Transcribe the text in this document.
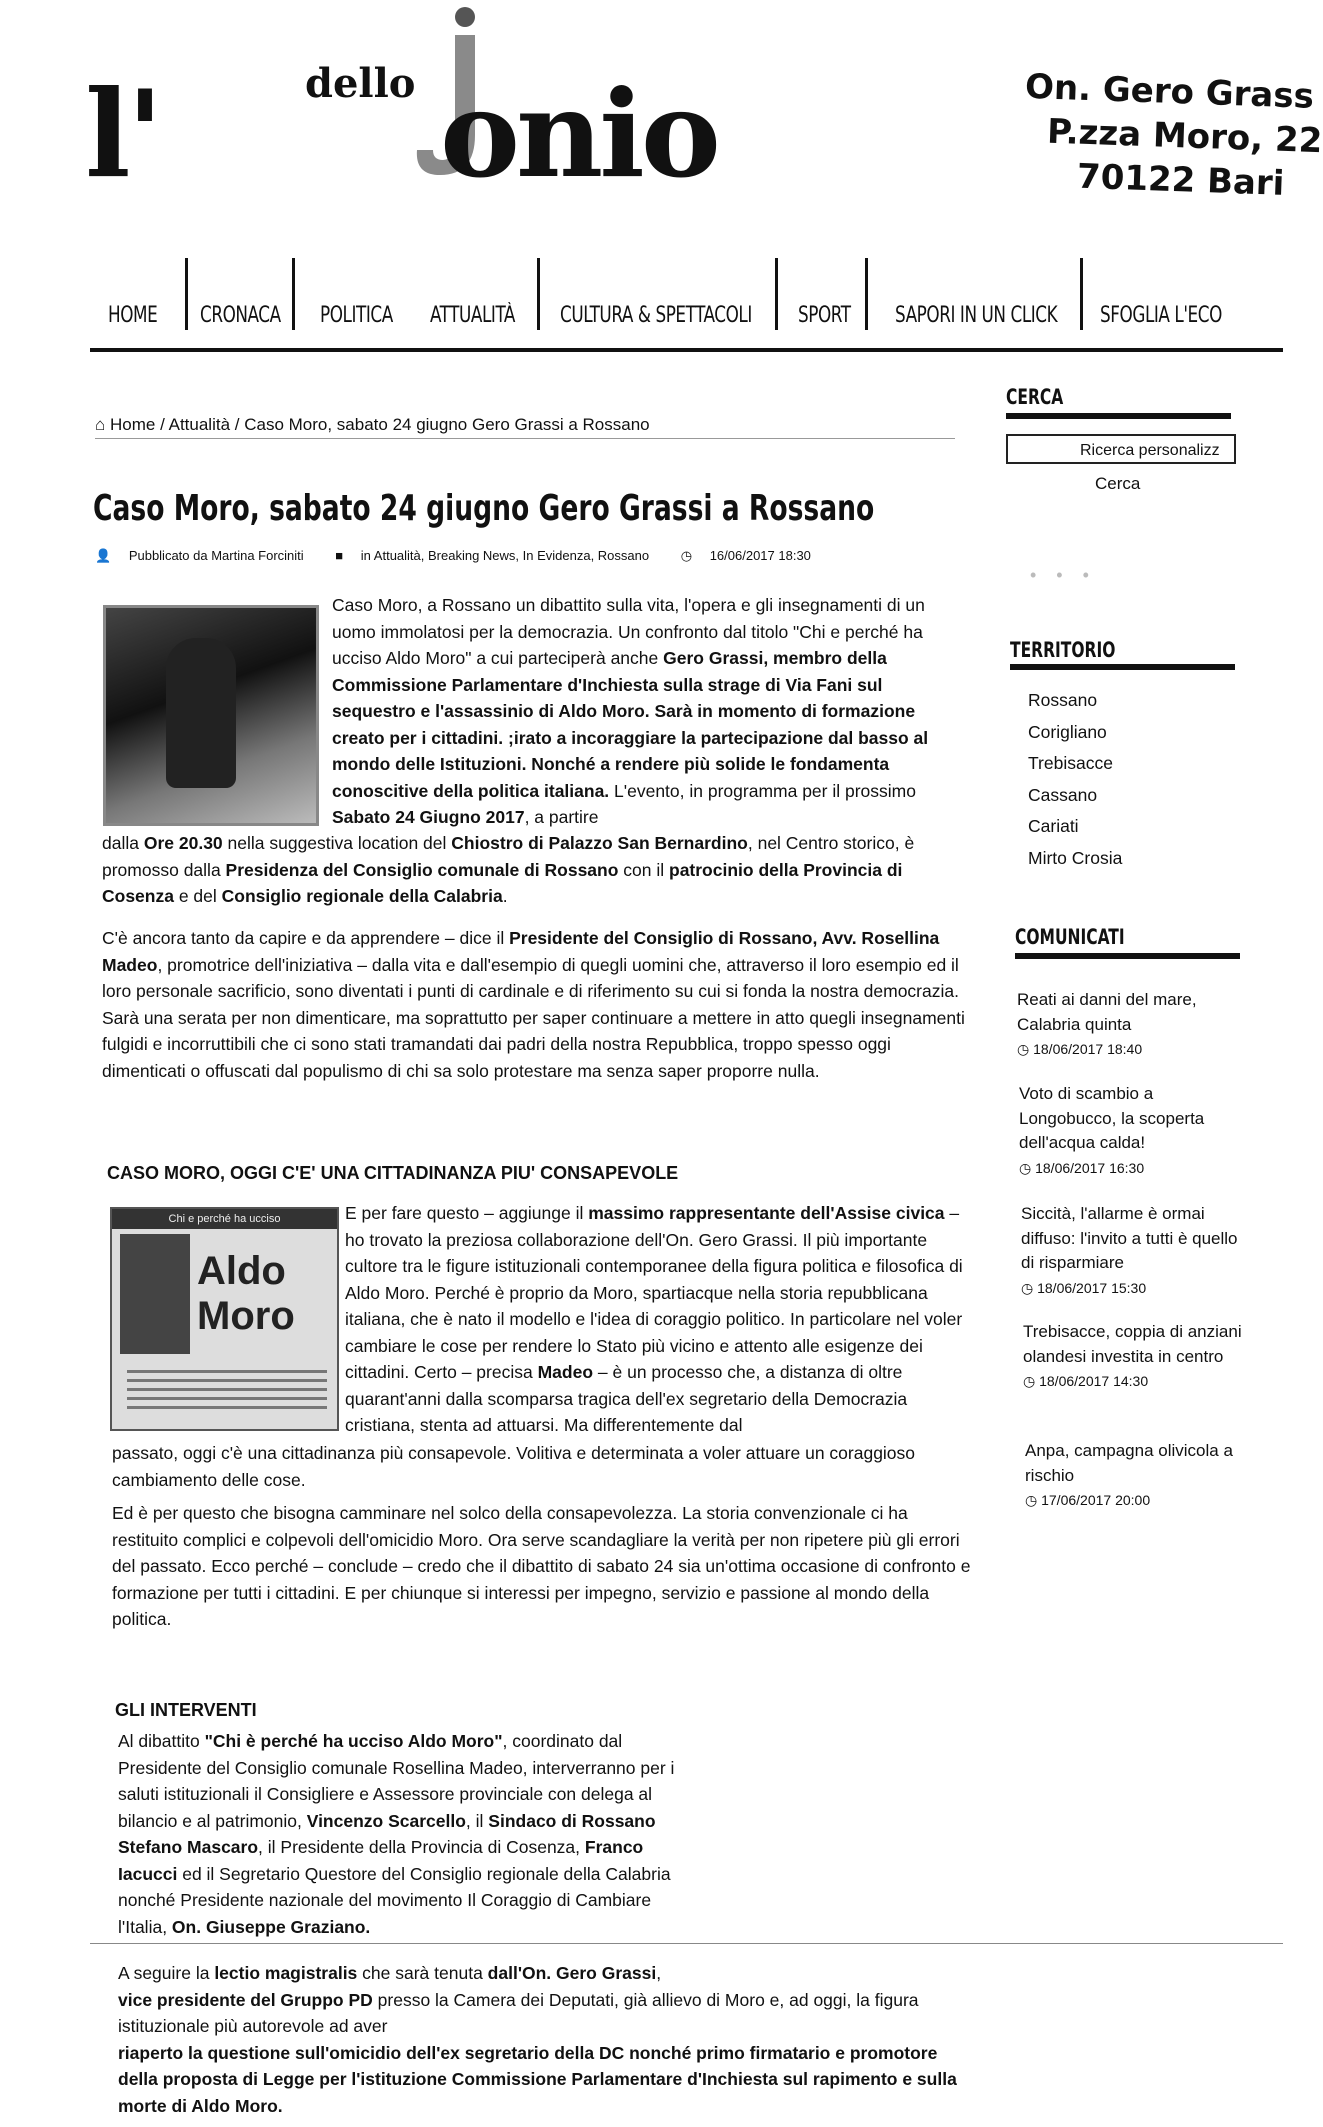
l'	dello onio	On. Gero Grass
P.zza Moro, 22
70122 Bari
HOME CRONACA POLITICA ATTUALITÀ CULTURA & SPETTACOLI SPORT SAPORI IN UN CLICK SFOGLIA L'ECO
⌂ Home / Attualità / Caso Moro, sabato 24 giugno Gero Grassi a Rossano
Caso Moro, sabato 24 giugno Gero Grassi a Rossano
👤 Pubblicato da Martina Forciniti ■ in Attualità, Breaking News, In Evidenza, Rossano ◷ 16/06/2017 18:30
Caso Moro, a Rossano un dibattito sulla vita, l'opera e gli insegnamenti di un uomo immolatosi per la democrazia. Un confronto dal titolo "Chi e perché ha ucciso Aldo Moro" a cui parteciperà anche Gero Grassi, membro della Commissione Parlamentare d'Inchiesta sulla strage di Via Fani sul sequestro e l'assassinio di Aldo Moro. Sarà in momento di formazione creato per i cittadini. ;irato a incoraggiare la partecipazione dal basso al mondo delle Istituzioni. Nonché a rendere più solide le fondamenta conoscitive della politica italiana. L'evento, in programma per il prossimo Sabato 24 Giugno 2017, a partire
dalla Ore 20.30 nella suggestiva location del Chiostro di Palazzo San Bernardino, nel Centro storico, è promosso dalla Presidenza del Consiglio comunale di Rossano con il patrocinio della Provincia di Cosenza e del Consiglio regionale della Calabria.
C'è ancora tanto da capire e da apprendere – dice il Presidente del Consiglio di Rossano, Avv. Rosellina Madeo, promotrice dell'iniziativa – dalla vita e dall'esempio di quegli uomini che, attraverso il loro esempio ed il loro personale sacrificio, sono diventati i punti di cardinale e di riferimento su cui si fonda la nostra democrazia. Sarà una serata per non dimenticare, ma soprattutto per saper continuare a mettere in atto quegli insegnamenti fulgidi e incorruttibili che ci sono stati tramandati dai padri della nostra Repubblica, troppo spesso oggi dimenticati o offuscati dal populismo di chi sa solo protestare ma senza saper proporre nulla.
CASO MORO, OGGI C'E' UNA CITTADINANZA PIU' CONSAPEVOLE
Chi e perché ha ucciso
Aldo Moro
E per fare questo – aggiunge il massimo rappresentante dell'Assise civica – ho trovato la preziosa collaborazione dell'On. Gero Grassi. Il più importante cultore tra le figure istituzionali contemporanee della figura politica e filosofica di Aldo Moro. Perché è proprio da Moro, spartiacque nella storia repubblicana italiana, che è nato il modello e l'idea di coraggio politico. In particolare nel voler cambiare le cose per rendere lo Stato più vicino e attento alle esigenze dei cittadini. Certo – precisa Madeo – è un processo che, a distanza di oltre quarant'anni dalla scomparsa tragica dell'ex segretario della Democrazia cristiana, stenta ad attuarsi. Ma differentemente dal
passato, oggi c'è una cittadinanza più consapevole. Volitiva e determinata a voler attuare un coraggioso cambiamento delle cose.
Ed è per questo che bisogna camminare nel solco della consapevolezza. La storia convenzionale ci ha restituito complici e colpevoli dell'omicidio Moro. Ora serve scandagliare la verità per non ripetere più gli errori del passato. Ecco perché – conclude – credo che il dibattito di sabato 24 sia un'ottima occasione di confronto e formazione per tutti i cittadini. E per chiunque si interessi per impegno, servizio e passione al mondo della politica.
GLI INTERVENTI
Al dibattito "Chi è perché ha ucciso Aldo Moro", coordinato dal Presidente del Consiglio comunale Rosellina Madeo, interverranno per i saluti istituzionali il Consigliere e Assessore provinciale con delega al bilancio e al patrimonio, Vincenzo Scarcello, il Sindaco di Rossano Stefano Mascaro, il Presidente della Provincia di Cosenza, Franco Iacucci ed il Segretario Questore del Consiglio regionale della Calabria nonché Presidente nazionale del movimento Il Coraggio di Cambiare l'Italia, On. Giuseppe Graziano.
A seguire la lectio magistralis che sarà tenuta dall'On. Gero Grassi,
vice presidente del Gruppo PD presso la Camera dei Deputati, già allievo di Moro e, ad oggi, la figura istituzionale più autorevole ad aver
riaperto la questione sull'omicidio dell'ex segretario della DC nonché primo firmatario e promotore della proposta di Legge per l'istituzione Commissione Parlamentare d'Inchiesta sul rapimento e sulla morte di Aldo Moro.
CERCA
Ricerca personalizz
Cerca
•••
TERRITORIO
Rossano
Corigliano
Trebisacce
Cassano
Cariati
Mirto Crosia
COMUNICATI
Reati ai danni del mare, Calabria quinta
◷ 18/06/2017 18:40
Voto di scambio a Longobucco, la scoperta dell'acqua calda!
◷ 18/06/2017 16:30
Siccità, l'allarme è ormai diffuso: l'invito a tutti è quello di risparmiare
◷ 18/06/2017 15:30
Trebisacce, coppia di anziani olandesi investita in centro
◷ 18/06/2017 14:30
Anpa, campagna olivicola a rischio
◷ 17/06/2017 20:00
